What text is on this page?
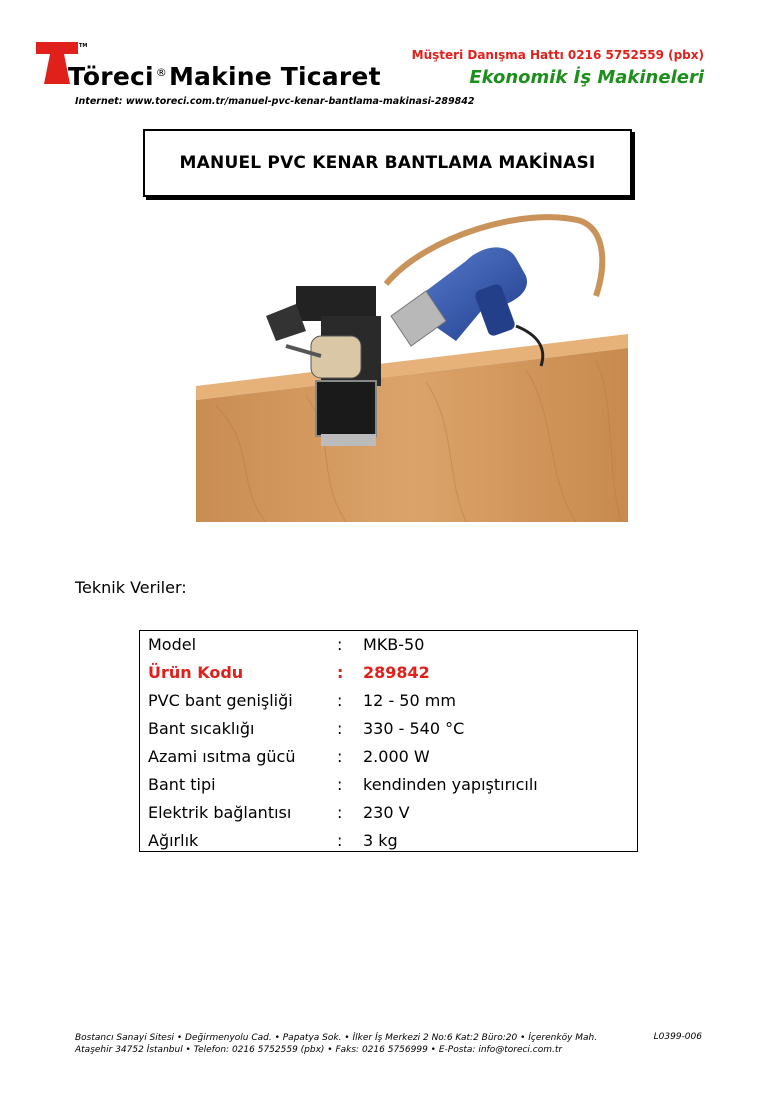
TM
Töreci ®Makine Ticaret
Internet: www.toreci.com.tr/manuel-pvc-kenar-bantlama-makinasi-289842
Müşteri Danışma Hattı 0216 5752559 (pbx)
Ekonomik İş Makineleri
MANUEL PVC KENAR BANTLAMA MAKİNASI
Teknik Veriler:
Model	: MKB-50
Ürün Kodu	: 289842
PVC bant genişliği	: 12 - 50 mm
Bant sıcaklığı	: 330 - 540 °C
Azami ısıtma gücü	: 2.000 W
Bant tipi	: kendinden yapıştırıcılı
Elektrik bağlantısı	: 230 V
Ağırlık	: 3 kg
Bostancı Sanayi Sitesi • Değirmenyolu Cad. • Papatya Sok. • İlker İş Merkezi 2 No:6 Kat:2 Büro:20 • İçerenköy Mah.
Ataşehir 34752 İstanbul • Telefon: 0216 5752559 (pbx) • Faks: 0216 5756999 • E-Posta: info@toreci.com.tr
L0399-006
